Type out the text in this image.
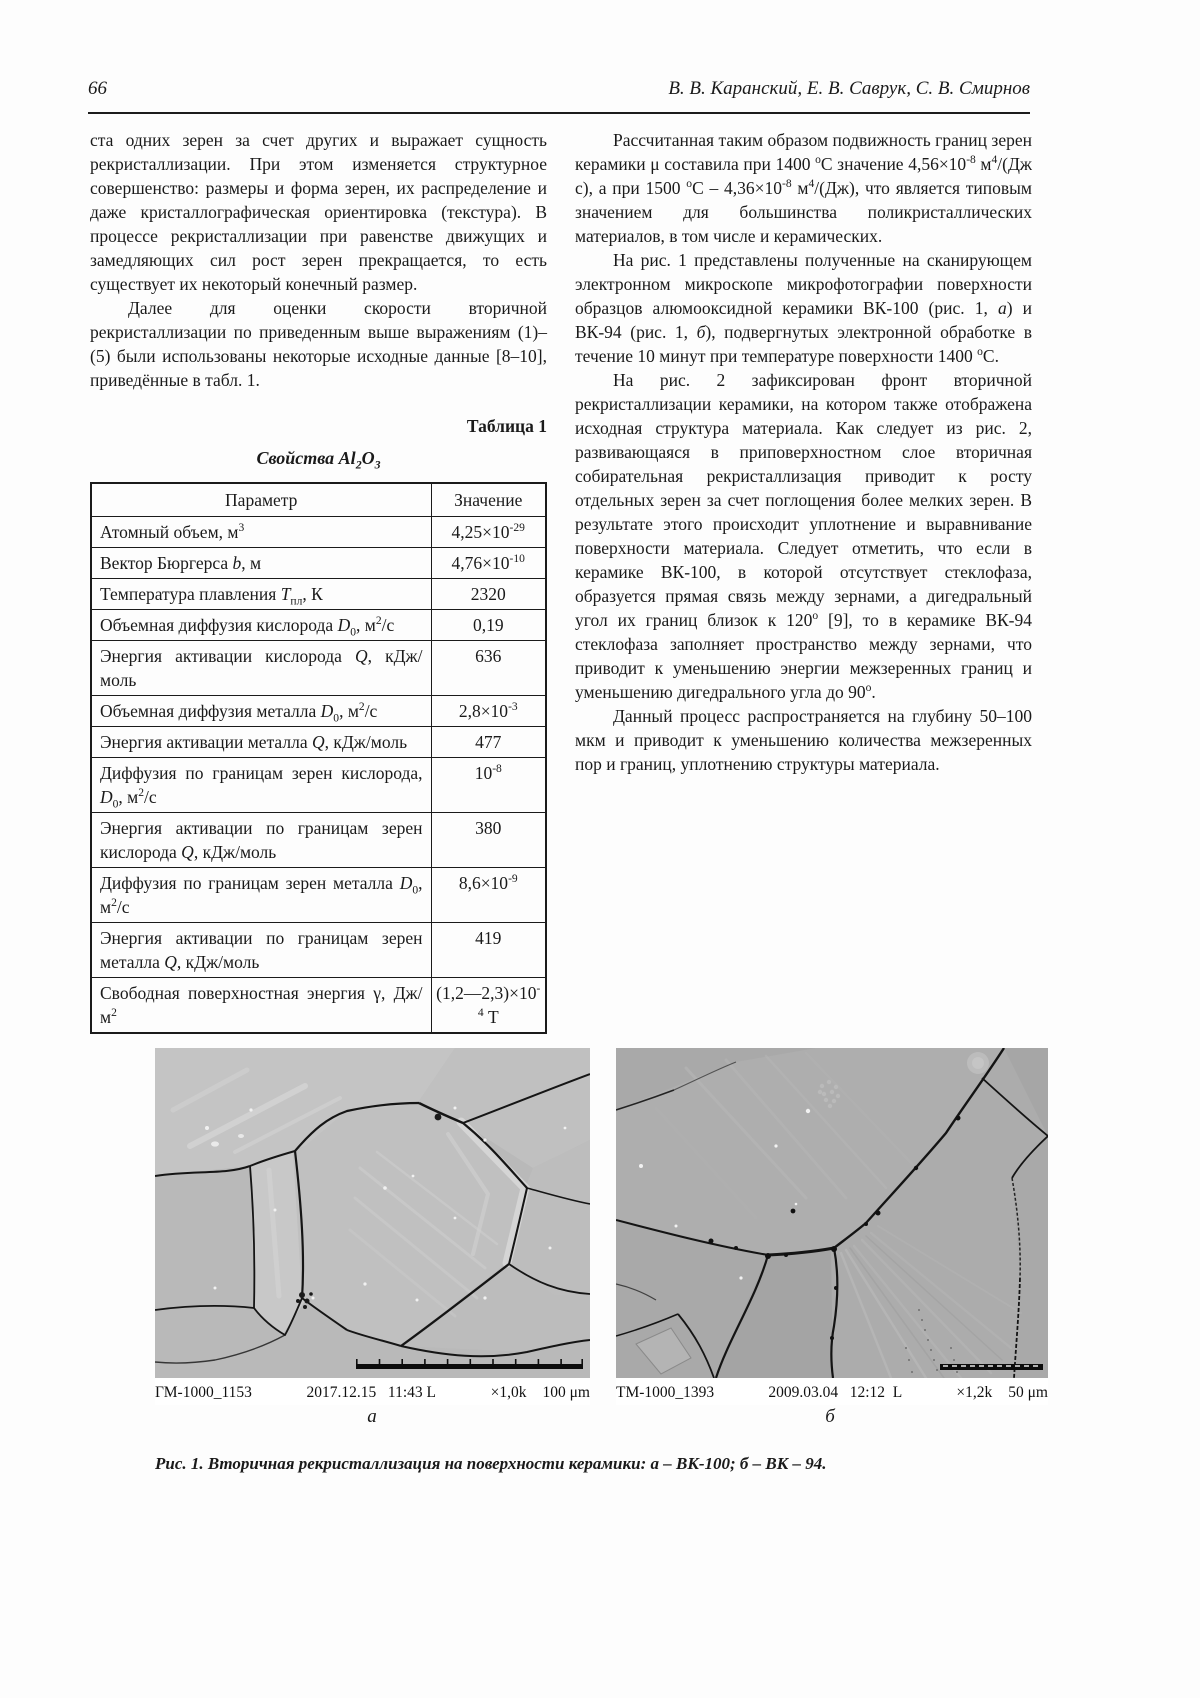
66	В. В. Каранский, Е. В. Саврук, С. В. Смирнов

ста одних зерен за счет других и выражает сущность рекристаллизации. При этом изменяется структурное совершенство: размеры и форма зерен, их распределение и даже кристаллографическая ориентировка (текстура). В процессе рекристаллизации при равенстве движущих и замедляющих сил рост зерен прекращается, то есть существует их некоторый конечный размер.

Далее для оценки скорости вторичной рекристаллизации по приведенным выше выражениям (1)–(5) были использованы некоторые исходные данные [8–10], приведённые в табл. 1.

Таблица 1
Свойства $Al_2O_3$
Параметр	Значение
Атомный объем, $м^3$	$4,25\times 10^{-29}$
Вектор Бюргерса b, м	$4,76\times 10^{-10}$
Температура плавления $T_{пл}$, К	2320
Объемная диффузия кислорода $D_0$, $м^2/с$	0,19
Энергия активации кислорода Q, кДж/моль	636
Объемная диффузия металла $D_0$, $м^2/с$	$2,8\times 10^{-3}$
Энергия активации металла Q, кДж/моль	477
Диффузия по границам зерен кислорода, $D_0$, $м^2/с$	$10^{-8}$
Энергия активации по границам зерен кислорода Q, кДж/моль	380
Диффузия по границам зерен металла $D_0$, $м^2/с$	$8,6\times 10^{-9}$
Энергия активации по границам зерен металла Q, кДж/моль	419
Свободная поверхностная энергия γ, $Дж/м^2$	$(1,2—2,3)\times 10^{-4}$ Т

Рассчитанная таким образом подвижность границ зерен керамики μ составила при 1400 $^о$С значение $4,56\times 10^{-8}$ $м^4/(Дж$ с), а при 1500 $^оС - 4,36\times 10^{-8}$ $м^4/(Дж)$, что является типовым значением для большинства поликристаллических материалов, в том числе и керамических.

На рис. 1 представлены полученные на сканирующем электронном микроскопе микрофотографии поверхности образцов алюмооксидной керамики ВК-100 (рис. 1, а) и ВК-94 (рис. 1, б), подвергнутых электронной обработке в течение 10 минут при температуре поверхности 1400 $^о$С.

На рис. 2 зафиксирован фронт вторичной рекристаллизации керамики, на котором также отображена исходная структура материала. Как следует из рис. 2, развивающаяся в приповерхностном слое вторичная собирательная рекристаллизация приводит к росту отдельных зерен за счет поглощения более мелких зерен. В результате этого происходит уплотнение и выравнивание поверхности материала. Следует отметить, что если в керамике ВК-100, в которой отсутствует стеклофаза, образуется прямая связь между зернами, а дигедральный угол их границ близок к $120^о$ [9], то в керамике ВК-94 стеклофаза заполняет пространство между зернами, что приводит к уменьшению энергии межзеренных границ и уменьшению дигедрального угла до $90^о$.

Данный процесс распространяется на глубину 50–100 мкм и приводит к уменьшению количества межзеренных пор и границ, уплотнению структуры материала.

ГМ-1000_1153	2017.12.15   11:43 L	×1,0k 100 μm TM-1000_1393	2009.03.04   12:12  L	×1,2k 50 μm
а	б
Рис. 1. Вторичная рекристаллизация на поверхности керамики: а – ВК-100; б – ВК – 94.
